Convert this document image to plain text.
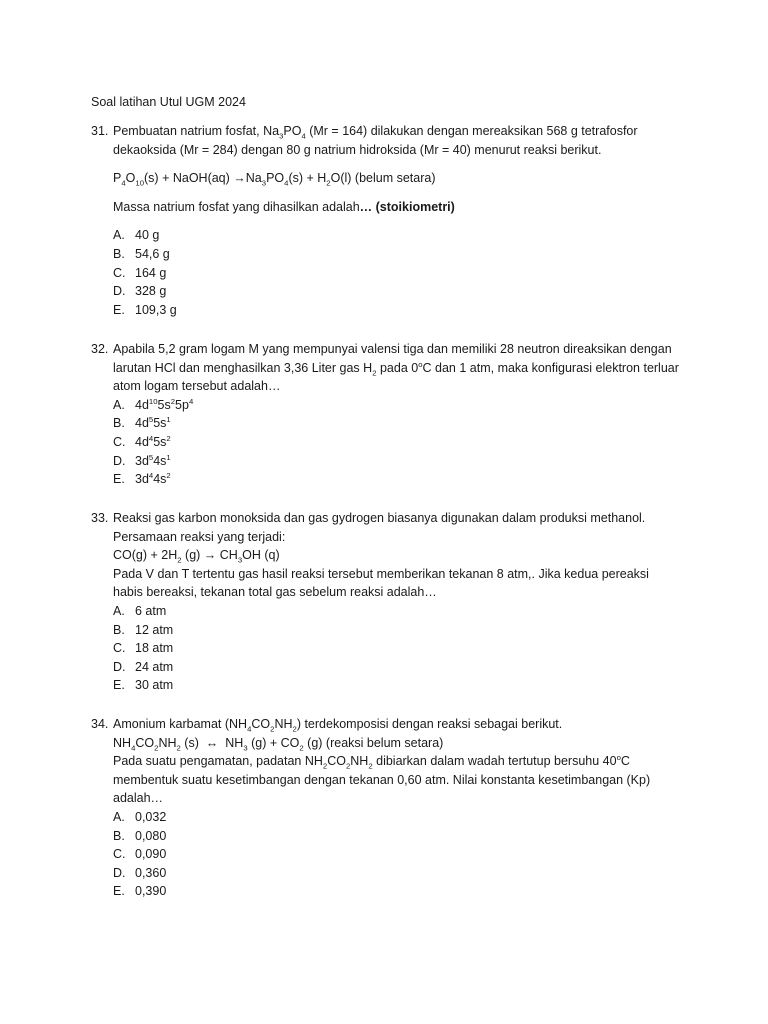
Soal latihan Utul UGM 2024
31. Pembuatan natrium fosfat, $Na_3PO_4$ (Mr = 164) dilakukan dengan mereaksikan 568 g tetrafosfor
dekaoksida (Mr = 284) dengan 80 g natrium hidroksida (Mr = 40) menurut reaksi berikut.
$P_4O_{10}(s)$ + NaOH(aq) $\to Na_3PO_4(s) + H_2O(l)$ (belum setara)
Massa natrium fosfat yang dihasilkan adalah… (stoikiometri)
A. 40 g
B. 54,6 g
C. 164 g
D. 328 g
E. 109,3 g
32. Apabila 5,2 gram logam M yang mempunyai valensi tiga dan memiliki 28 neutron direaksikan dengan
larutan HCl dan menghasilkan 3,36 Liter gas $H_2$ pada 0$^o$C dan 1 atm, maka konfigurasi elektron terluar
atom logam tersebut adalah…
A. $4d^{10}5s^25p^4$
B. $4d^55s^1$
C. $4d^45s^2$
D. $3d^54s^1$
E. $3d^44s^2$
33. Reaksi gas karbon monoksida dan gas gydrogen biasanya digunakan dalam produksi methanol.
Persamaan reaksi yang terjadi:
$CO(g) + 2H_2$ $(g) \to CH_3OH$ (q)
Pada V dan T tertentu gas hasil reaksi tersebut memberikan tekanan 8 atm,. Jika kedua pereaksi
habis bereaksi, tekanan total gas sebelum reaksi adalah…
A. 6 atm
B. 12 atm
C. 18 atm
D. 24 atm
E. 30 atm
34. Amonium karbamat $(NH_4CO_2NH_2)$ terdekomposisi dengan reaksi sebagai berikut.
$NH_4CO_2NH_2$ (s)  ↔  $NH_3$ $(g) + CO_2$ (g) (reaksi belum setara)
Pada suatu pengamatan, padatan $NH_2CO_2NH_2$ dibiarkan dalam wadah tertutup bersuhu 40$^o$C
membentuk suatu kesetimbangan dengan tekanan 0,60 atm. Nilai konstanta kesetimbangan (Kp)
adalah…
A. 0,032
B. 0,080
C. 0,090
D. 0,360
E. 0,390
